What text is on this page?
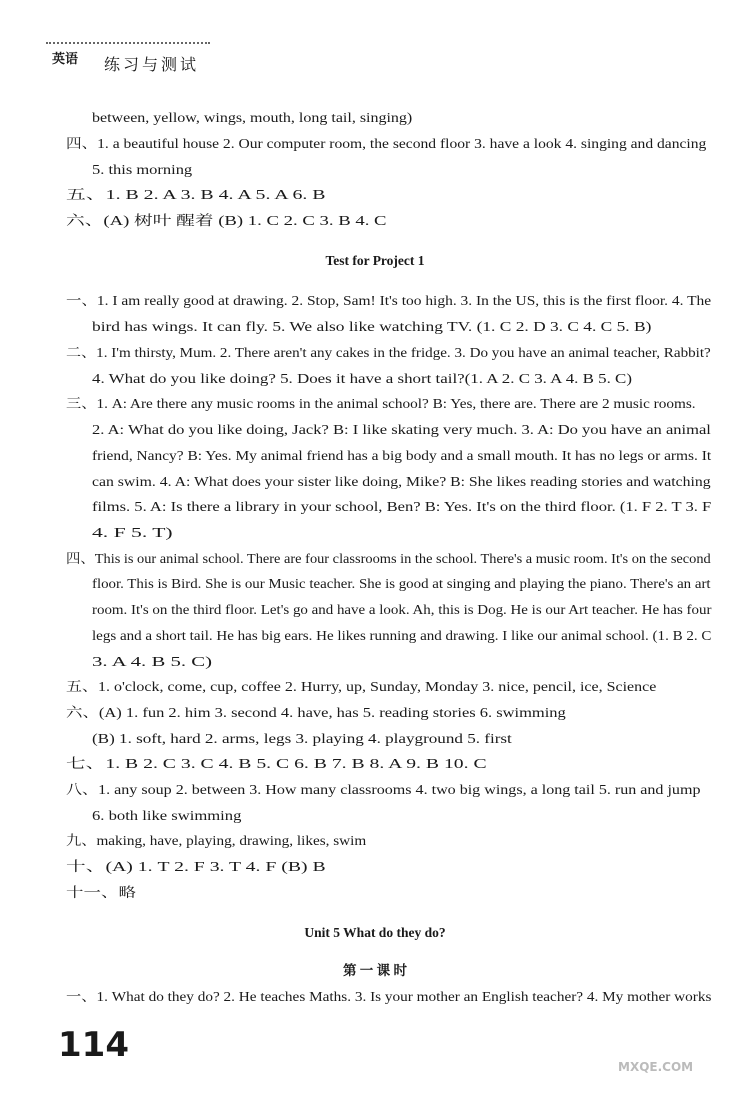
英语 练习与测试
between, yellow, wings, mouth, long tail, singing)
四、1. a beautiful house 2. Our computer room, the second floor 3. have a look 4. singing and dancing
5. this morning
五、1. B 2. A 3. B 4. A 5. A 6. B
六、(A) 树叶 醒着 (B) 1. C 2. C 3. B 4. C
Test for Project 1
一、1. I am really good at drawing. 2. Stop, Sam! It's too high. 3. In the US, this is the first floor. 4. The
bird has wings. It can fly. 5. We also like watching TV. (1. C 2. D 3. C 4. C 5. B)
二、1. I'm thirsty, Mum. 2. There aren't any cakes in the fridge. 3. Do you have an animal teacher, Rabbit?
4. What do you like doing? 5. Does it have a short tail?(1. A 2. C 3. A 4. B 5. C)
三、1. A: Are there any music rooms in the animal school? B: Yes, there are. There are 2 music rooms.
2. A: What do you like doing, Jack? B: I like skating very much. 3. A: Do you have an animal
friend, Nancy? B: Yes. My animal friend has a big body and a small mouth. It has no legs or arms. It
can swim. 4. A: What does your sister like doing, Mike? B: She likes reading stories and watching
films. 5. A: Is there a library in your school, Ben? B: Yes. It's on the third floor. (1. F 2. T 3. F
4. F 5. T)
四、This is our animal school. There are four classrooms in the school. There's a music room. It's on the second
floor. This is Bird. She is our Music teacher. She is good at singing and playing the piano. There's an art
room. It's on the third floor. Let's go and have a look. Ah, this is Dog. He is our Art teacher. He has four
legs and a short tail. He has big ears. He likes running and drawing. I like our animal school. (1. B 2. C
3. A 4. B 5. C)
五、1. o'clock, come, cup, coffee 2. Hurry, up, Sunday, Monday 3. nice, pencil, ice, Science
六、(A) 1. fun 2. him 3. second 4. have, has 5. reading stories 6. swimming
(B) 1. soft, hard 2. arms, legs 3. playing 4. playground 5. first
七、1. B 2. C 3. C 4. B 5. C 6. B 7. B 8. A 9. B 10. C
八、1. any soup 2. between 3. How many classrooms 4. two big wings, a long tail 5. run and jump
6. both like swimming
九、making, have, playing, drawing, likes, swim
十、(A) 1. T 2. F 3. T 4. F (B) B
十一、略
Unit 5 What do they do?
第 一 课 时
一、1. What do they do? 2. He teaches Maths. 3. Is your mother an English teacher? 4. My mother works
114
MXQE.COM
